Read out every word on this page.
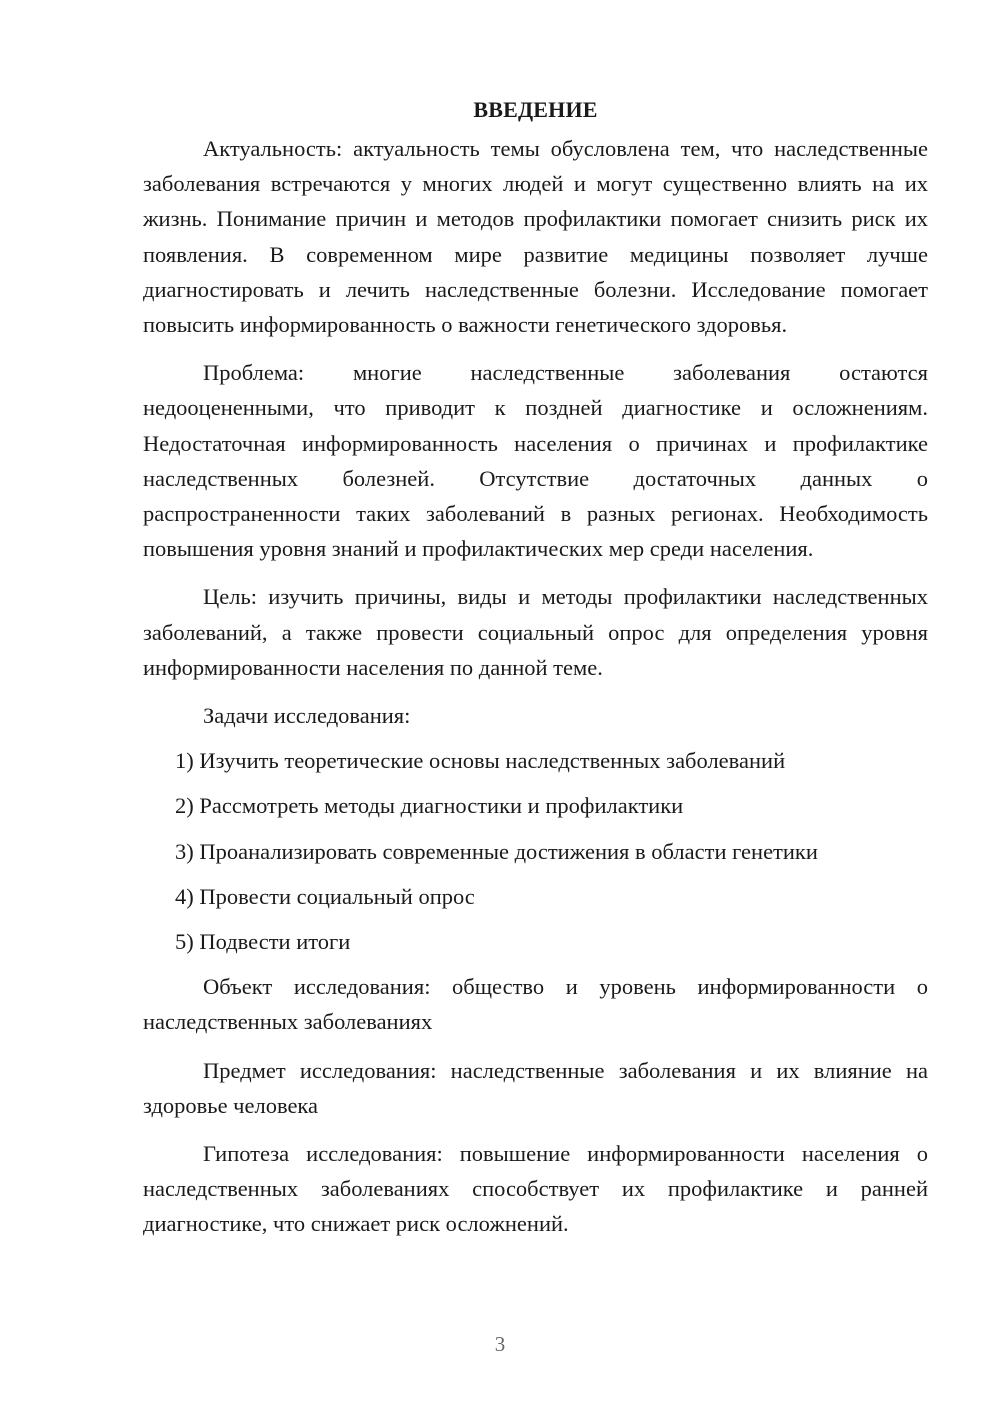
ВВЕДЕНИЕ

Актуальность: актуальность темы обусловлена тем, что наследственные заболевания встречаются у многих людей и могут существенно влиять на их жизнь. Понимание причин и методов профилактики помогает снизить риск их появления. В современном мире развитие медицины позволяет лучше диагностировать и лечить наследственные болезни. Исследование помогает повысить информированность о важности генетического здоровья.

Проблема: многие наследственные заболевания остаются недооцененными, что приводит к поздней диагностике и осложнениям. Недостаточная информированность населения о причинах и профилактике наследственных болезней. Отсутствие достаточных данных о распространенности таких заболеваний в разных регионах. Необходимость повышения уровня знаний и профилактических мер среди населения.

Цель: изучить причины, виды и методы профилактики наследственных заболеваний, а также провести социальный опрос для определения уровня информированности населения по данной теме.

Задачи исследования:

1) Изучить теоретические основы наследственных заболеваний
2) Рассмотреть методы диагностики и профилактики
3) Проанализировать современные достижения в области генетики
4) Провести социальный опрос
5) Подвести итоги

Объект исследования: общество и уровень информированности о наследственных заболеваниях

Предмет исследования: наследственные заболевания и их влияние на здоровье человека

Гипотеза исследования: повышение информированности населения о наследственных заболеваниях способствует их профилактике и ранней диагностике, что снижает риск осложнений.

3
